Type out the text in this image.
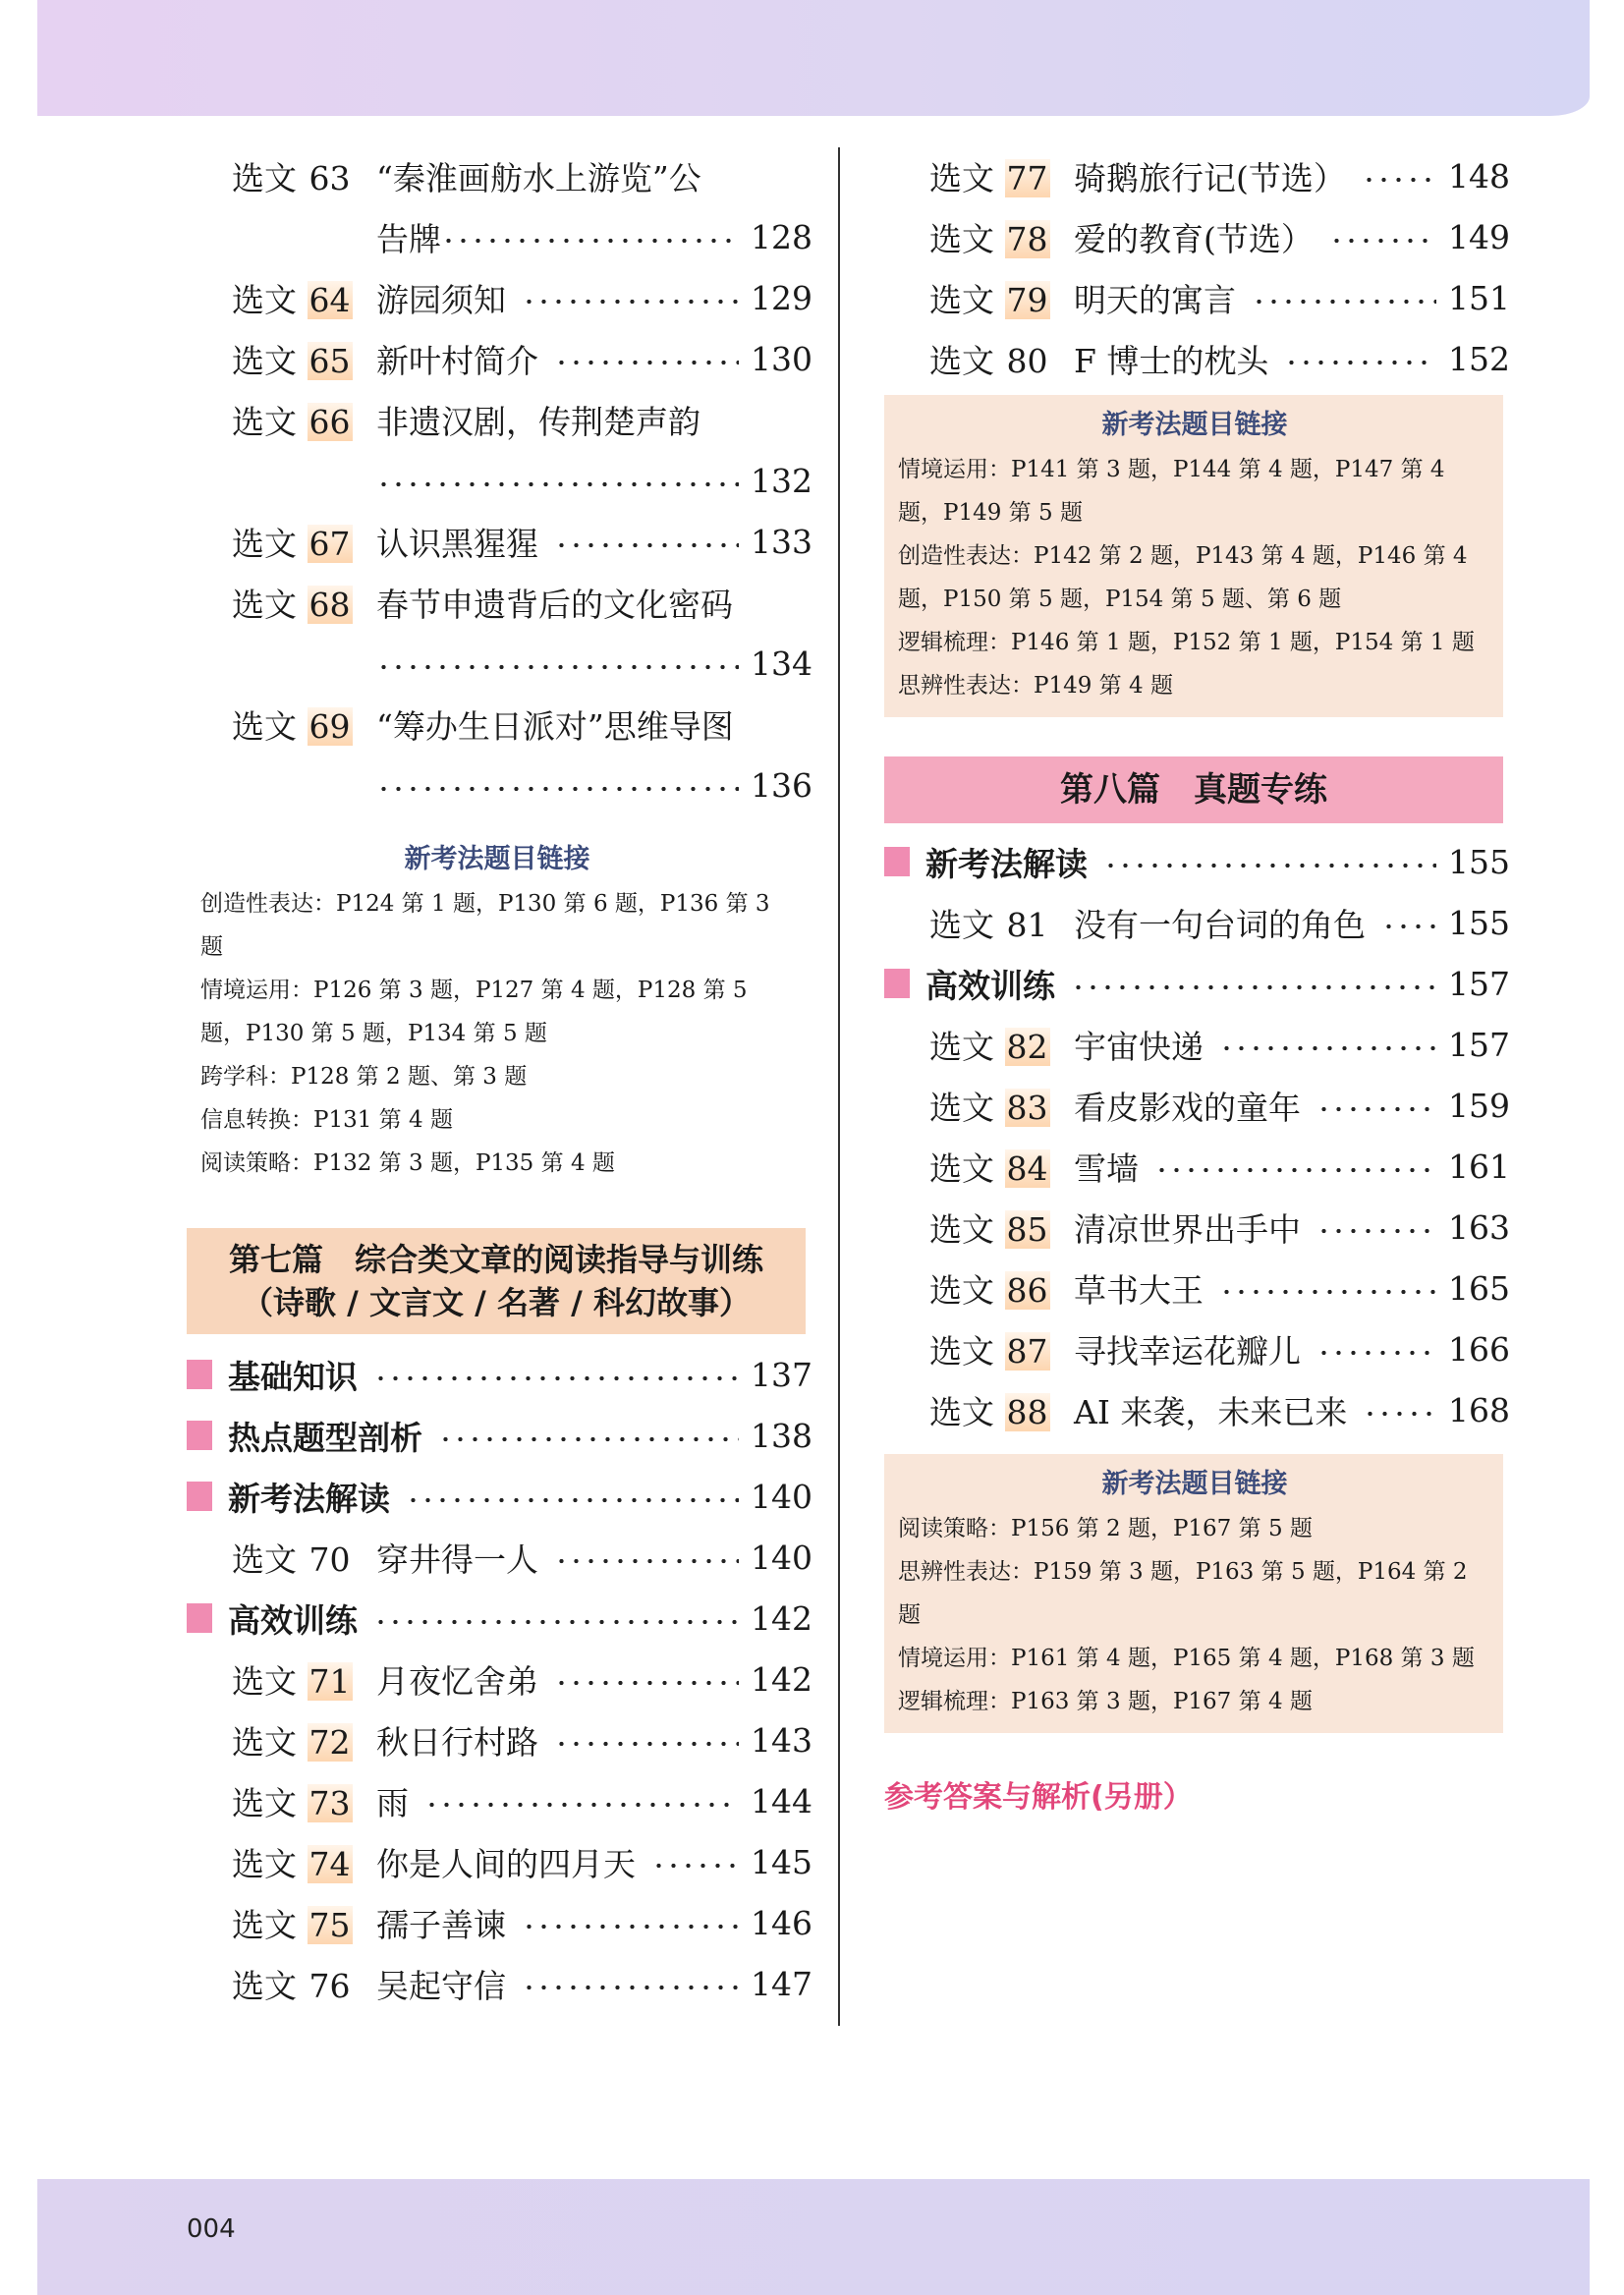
004
选文 63 “秦淮画舫水上游览”公
告牌	128
选文 64 游园须知	129
选文 65 新叶村简介	130
选文 66 非遗汉剧，传荆楚声韵
132
选文 67 认识黑猩猩	133
选文 68 春节申遗背后的文化密码
134
选文 69 “筹办生日派对”思维导图
136
新考法题目链接
创造性表达：P124 第 1 题，P130 第 6 题，P136 第 3 题
情境运用：P126 第 3 题，P127 第 4 题，P128 第 5 题，P130 第 5 题，P134 第 5 题
跨学科：P128 第 2 题、第 3 题
信息转换：P131 第 4 题
阅读策略：P132 第 3 题，P135 第 4 题
第七篇　综合类文章的阅读指导与训练
（诗歌 / 文言文 / 名著 / 科幻故事）
基础知识	137
热点题型剖析	138
新考法解读	140
选文 70 穿井得一人	140
高效训练	142
选文 71 月夜忆舍弟	142
选文 72 秋日行村路	143
选文 73 雨	144
选文 74 你是人间的四月天	145
选文 75 孺子善谏	146
选文 76 吴起守信	147
选文 77 骑鹅旅行记(节选）	148
选文 78 爱的教育(节选）	149
选文 79 明天的寓言	151
选文 80 F 博士的枕头	152
新考法题目链接
情境运用：P141 第 3 题，P144 第 4 题，P147 第 4 题，P149 第 5 题
创造性表达：P142 第 2 题，P143 第 4 题，P146 第 4 题，P150 第 5 题，P154 第 5 题、第 6 题
逻辑梳理：P146 第 1 题，P152 第 1 题，P154 第 1 题
思辨性表达：P149 第 4 题
第八篇　真题专练
新考法解读	155
选文 81 没有一句台词的角色	155
高效训练	157
选文 82 宇宙快递	157
选文 83 看皮影戏的童年	159
选文 84 雪墙	161
选文 85 清凉世界出手中	163
选文 86 草书大王	165
选文 87 寻找幸运花瓣儿	166
选文 88 AI 来袭，未来已来	168
新考法题目链接
阅读策略：P156 第 2 题，P167 第 5 题
思辨性表达：P159 第 3 题，P163 第 5 题，P164 第 2 题
情境运用：P161 第 4 题，P165 第 4 题，P168 第 3 题
逻辑梳理：P163 第 3 题，P167 第 4 题
参考答案与解析(另册）
